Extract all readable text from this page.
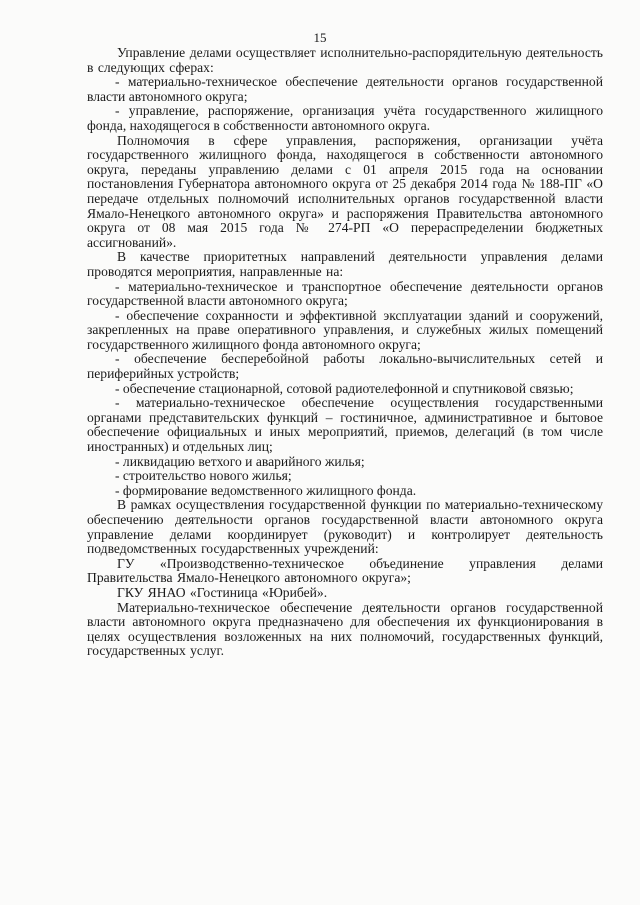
15

Управление делами осуществляет исполнительно-распорядительную деятельность в следующих сферах:

- материально-техническое обеспечение деятельности органов государственной власти автономного округа;

- управление, распоряжение, организация учёта государственного жилищного фонда, находящегося в собственности автономного округа.

Полномочия в сфере управления, распоряжения, организации учёта государственного жилищного фонда, находящегося в собственности автономного округа, переданы управлению делами с 01 апреля 2015 года на основании постановления Губернатора автономного округа от 25 декабря 2014 года № 188-ПГ «О передаче отдельных полномочий исполнительных органов государственной власти Ямало-Ненецкого автономного округа» и распоряжения Правительства автономного округа от 08 мая 2015 года № 274-РП «О перераспределении бюджетных ассигнований».

В качестве приоритетных направлений деятельности управления делами проводятся мероприятия, направленные на:

- материально-техническое и транспортное обеспечение деятельности органов государственной власти автономного округа;

- обеспечение сохранности и эффективной эксплуатации зданий и сооружений, закрепленных на праве оперативного управления, и служебных жилых помещений государственного жилищного фонда автономного округа;

- обеспечение бесперебойной работы локально-вычислительных сетей и периферийных устройств;

- обеспечение стационарной, сотовой радиотелефонной и спутниковой связью;

- материально-техническое обеспечение осуществления государственными органами представительских функций – гостиничное, административное и бытовое обеспечение официальных и иных мероприятий, приемов, делегаций (в том числе иностранных) и отдельных лиц;

- ликвидацию ветхого и аварийного жилья;

- строительство нового жилья;

- формирование ведомственного жилищного фонда.

В рамках осуществления государственной функции по материально-техническому обеспечению деятельности органов государственной власти автономного округа управление делами координирует (руководит) и контролирует деятельность подведомственных государственных учреждений:

ГУ «Производственно-техническое объединение управления делами Правительства Ямало-Ненецкого автономного округа»;

ГКУ ЯНАО «Гостиница «Юрибей».

Материально-техническое обеспечение деятельности органов государственной власти автономного округа предназначено для обеспечения их функционирования в целях осуществления возложенных на них полномочий, государственных функций, государственных услуг.
